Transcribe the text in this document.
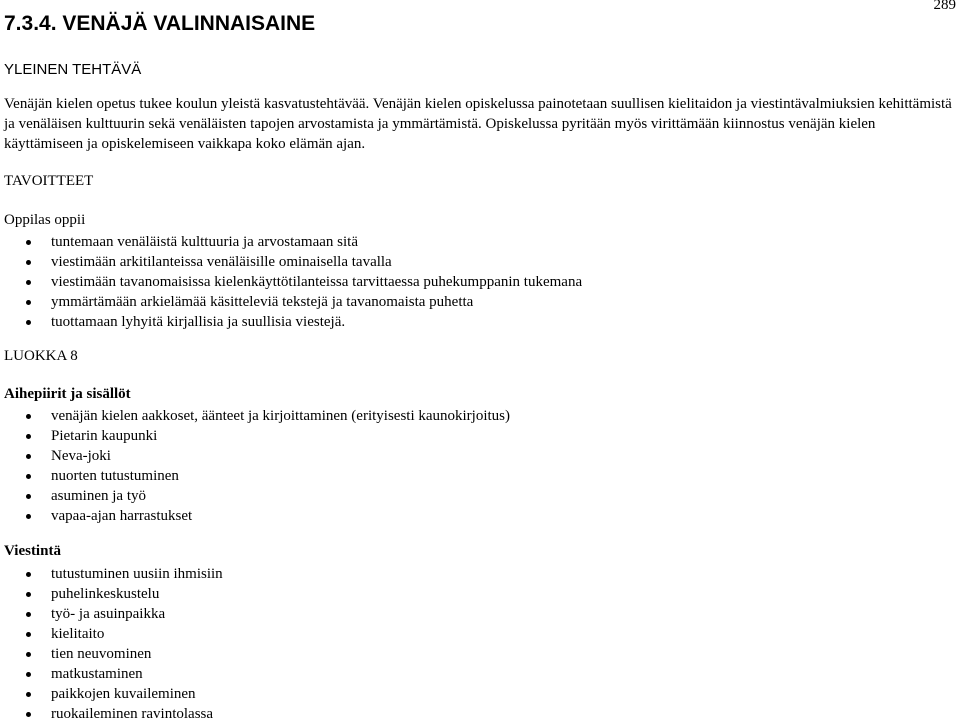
289
7.3.4. VENÄJÄ VALINNAISAINE
YLEINEN TEHTÄVÄ

Venäjän kielen opetus tukee koulun yleistä kasvatustehtävää. Venäjän kielen opiskelussa painotetaan suullisen kielitaidon ja viestintävalmiuksien kehittämistä ja venäläisen kulttuurin sekä venäläisten tapojen arvostamista ja ymmärtämistä. Opiskelussa pyritään myös virittämään kiinnostus venäjän kielen käyttämiseen ja opiskelemiseen vaikkapa koko elämän ajan.

TAVOITTEET
Oppilas oppii
tuntemaan venäläistä kulttuuria ja arvostamaan sitä
viestimään arkitilanteissa venäläisille ominaisella tavalla
viestimään tavanomaisissa kielenkäyttötilanteissa tarvittaessa puhekumppanin tukemana
ymmärtämään arkielämää käsitteleviä tekstejä ja tavanomaista puhetta
tuottamaan lyhyitä kirjallisia ja suullisia viestejä.
LUOKKA 8
Aihepiirit ja sisällöt
venäjän kielen aakkoset, äänteet ja kirjoittaminen (erityisesti kaunokirjoitus)
Pietarin kaupunki
Neva-joki
nuorten tutustuminen
asuminen ja työ
vapaa-ajan harrastukset
Viestintä
tutustuminen uusiin ihmisiin
puhelinkeskustelu
työ- ja asuinpaikka
kielitaito
tien neuvominen
matkustaminen
paikkojen kuvaileminen
ruokaileminen ravintolassa
